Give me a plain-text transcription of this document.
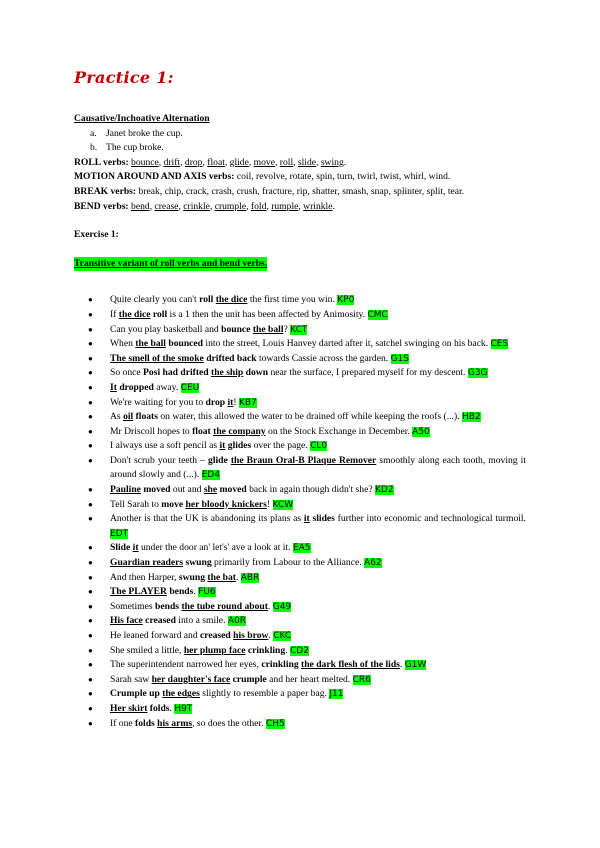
Practice 1:

Causative/Inchoative Alternation

a. Janet broke the cup.
b. The cup broke.

ROLL verbs: bounce, drift, drop, float, glide, move, roll, slide, swing.

MOTION AROUND AND AXIS verbs: coil, revolve, rotate, spin, turn, twirl, twist, whirl, wind.

BREAK verbs: break, chip, crack, crash, crush, fracture, rip, shatter, smash, snap, splinter, split, tear.

BEND verbs: bend, crease, crinkle, crumple, fold, rumple, wrinkle.

Exercise 1:

Transitive variant of roll verbs and bend verbs.

● Quite clearly you can't roll the dice the first time you win. KP0
● If the dice roll is a 1 then the unit has been affected by Animosity. CMC
● Can you play basketball and bounce the ball? KCT
● When the ball bounced into the street, Louis Hanvey darted after it, satchel swinging on his back. CES
● The smell of the smoke drifted back towards Cassie across the garden. G1S
● So once Posi had drifted the ship down near the surface, I prepared myself for my descent. G3G
● It dropped away. CEU
● We're waiting for you to drop it! KB7
● As oil floats on water, this allowed the water to be drained off while keeping the roofs (...). HB2
● Mr Driscoll hopes to float the company on the Stock Exchange in December. A50
● I always use a soft pencil as it glides over the page. CL0
● Don't scrub your teeth – glide the Braun Oral-B Plaque Remover smoothly along each tooth, moving it around slowly and (...). ED4
● Pauline moved out and she moved back in again though didn't she? KD2
● Tell Sarah to move her bloody knickers! KCW
● Another is that the UK is abandoning its plans as it slides further into economic and technological turmoil. EDT
● Slide it under the door an' let's' ave a look at it. EA5
● Guardian readers swung primarily from Labour to the Alliance. A62
● And then Harper, swung the bat. ABR
● The PLAYER bends. FU6
● Sometimes bends the tube round about. G49
● His face creased into a smile. A0R
● He leaned forward and creased his brow. CKC
● She smiled a little, her plump face crinkling. CD2
● The superintendent narrowed her eyes, crinkling the dark flesh of the lids. G1W
● Sarah saw her daughter's face crumple and her heart melted. CR6
● Crumple up the edges slightly to resemble a paper bag. J11
● Her skirt folds. H9T
● If one folds his arms, so does the other. CH5
